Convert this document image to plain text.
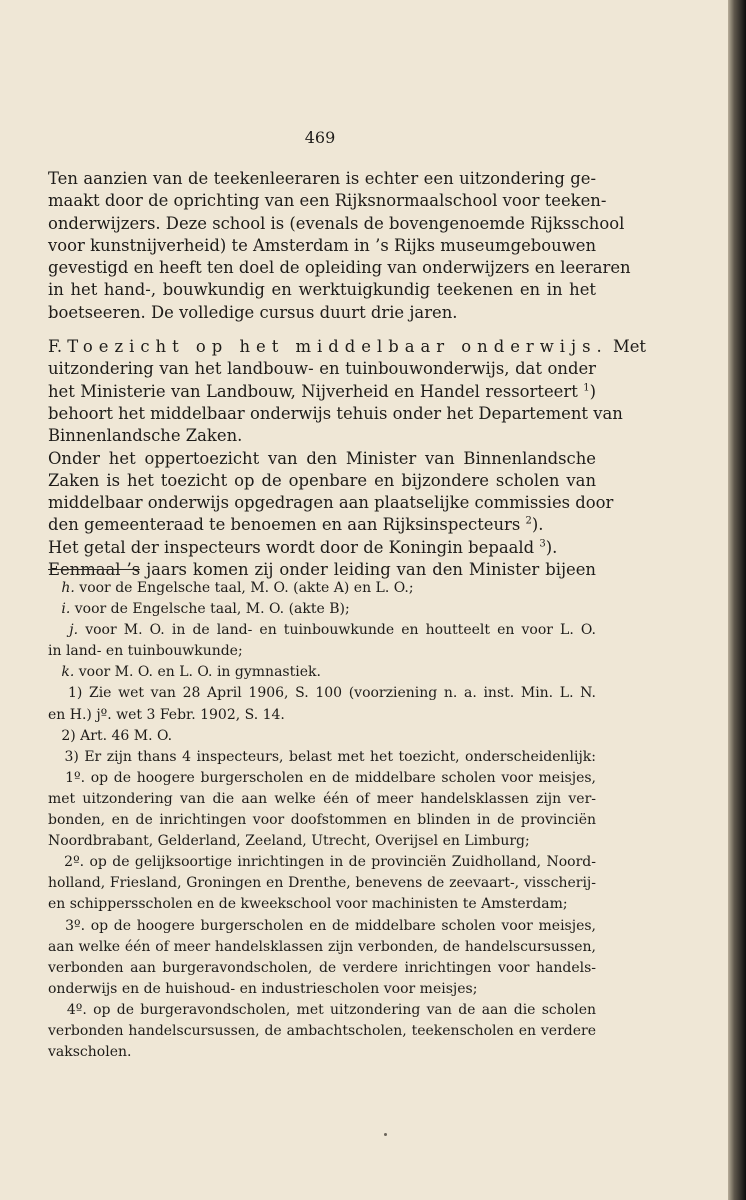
469
Ten aanzien van de teekenleeraren is echter een uitzondering ge-
maakt door de oprichting van een Rijksnormaalschool voor teeken-
onderwijzers. Deze school is (evenals de bovengenoemde Rijksschool
voor kunstnijverheid) te Amsterdam in ’s Rijks museumgebouwen
gevestigd en heeft ten doel de opleiding van onderwijzers en leeraren
in het hand-, bouwkundig en werktuigkundig teekenen en in het
boetseeren. De volledige cursus duurt drie jaren.
F. Toezicht op het middelbaar onderwijs. Met
uitzondering van het landbouw- en tuinbouwonderwijs, dat onder
het Ministerie van Landbouw, Nijverheid en Handel ressorteert $^1$)
behoort het middelbaar onderwijs tehuis onder het Departement van
Binnenlandsche Zaken.
Onder het oppertoezicht van den Minister van Binnenlandsche
Zaken is het toezicht op de openbare en bijzondere scholen van
middelbaar onderwijs opgedragen aan plaatselijke commissies door
den gemeenteraad te benoemen en aan Rijksinspecteurs $^2$).
Het getal der inspecteurs wordt door de Koningin bepaald $^3$).
Eenmaal ’s jaars komen zij onder leiding van den Minister bijeen
h. voor de Engelsche taal, M. O. (akte A) en L. O.;
i. voor de Engelsche taal, M. O. (akte B);
j. voor M. O. in de land- en tuinbouwkunde en houtteelt en voor L. O.
in land- en tuinbouwkunde;
k. voor M. O. en L. O. in gymnastiek.
1) Zie wet van 28 April 1906, S. 100 (voorziening n. a. inst. Min. L. N.
en H.) jº. wet 3 Febr. 1902, S. 14.
2) Art. 46 M. O.
3) Er zijn thans 4 inspecteurs, belast met het toezicht, onderscheidenlijk:
1º. op de hoogere burgerscholen en de middelbare scholen voor meisjes,
met uitzondering van die aan welke één of meer handelsklassen zijn ver-
bonden, en de inrichtingen voor doofstommen en blinden in de provinciën
Noordbrabant, Gelderland, Zeeland, Utrecht, Overijsel en Limburg;
2º. op de gelijksoortige inrichtingen in de provinciën Zuidholland, Noord-
holland, Friesland, Groningen en Drenthe, benevens de zeevaart-, visscherij-
en schippersscholen en de kweekschool voor machinisten te Amsterdam;
3º. op de hoogere burgerscholen en de middelbare scholen voor meisjes,
aan welke één of meer handelsklassen zijn verbonden, de handelscursussen,
verbonden aan burgeravondscholen, de verdere inrichtingen voor handels-
onderwijs en de huishoud- en industriescholen voor meisjes;
4º. op de burgeravondscholen, met uitzondering van de aan die scholen
verbonden handelscursussen, de ambachtscholen, teekenscholen en verdere
vakscholen.
